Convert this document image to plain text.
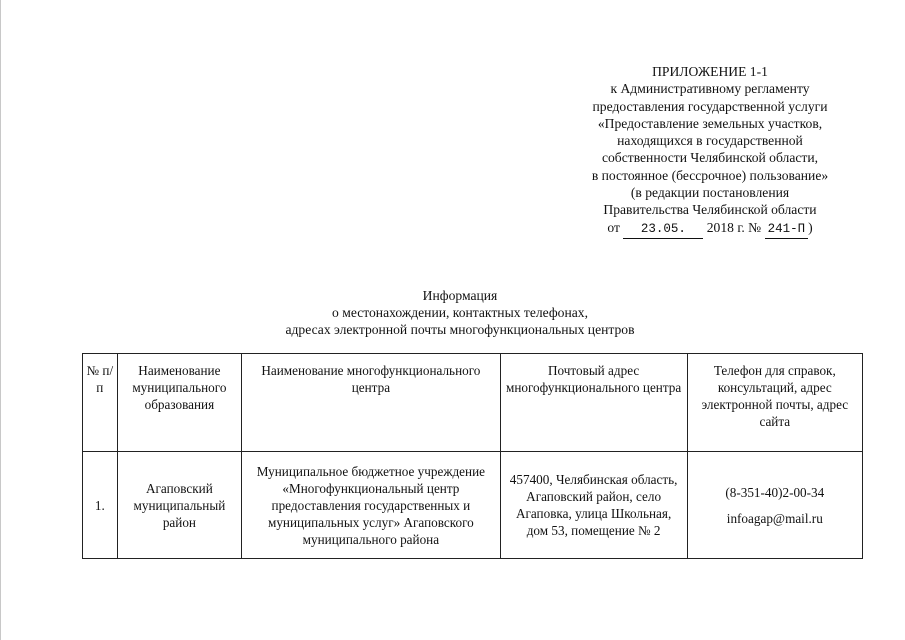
ПРИЛОЖЕНИЕ 1-1
к Административному регламенту
предоставления государственной услуги
«Предоставление земельных участков,
находящихся в государственной
собственности Челябинской области,
в постоянное (бессрочное) пользование»
(в редакции постановления
Правительства Челябинской области
от 23.05. 2018 г. № 241-П )
Информация
о местонахождении, контактных телефонах,
адресах электронной почты многофункциональных центров
№ п/п	Наименование муниципального образования	Наименование многофункционального центра	Почтовый адрес многофункционального центра	Телефон для справок, консультаций, адрес электронной почты, адрес сайта

1.	Агаповский муниципальный район	Муниципальное бюджетное учреждение «Многофункциональный центр предоставления государственных и муниципальных услуг» Агаповского муниципального района	457400, Челябинская область, Агаповский район, село Агаповка, улица Школьная, дом 53, помещение № 2	(8-351-40)2-00-34
infoagap@mail.ru
